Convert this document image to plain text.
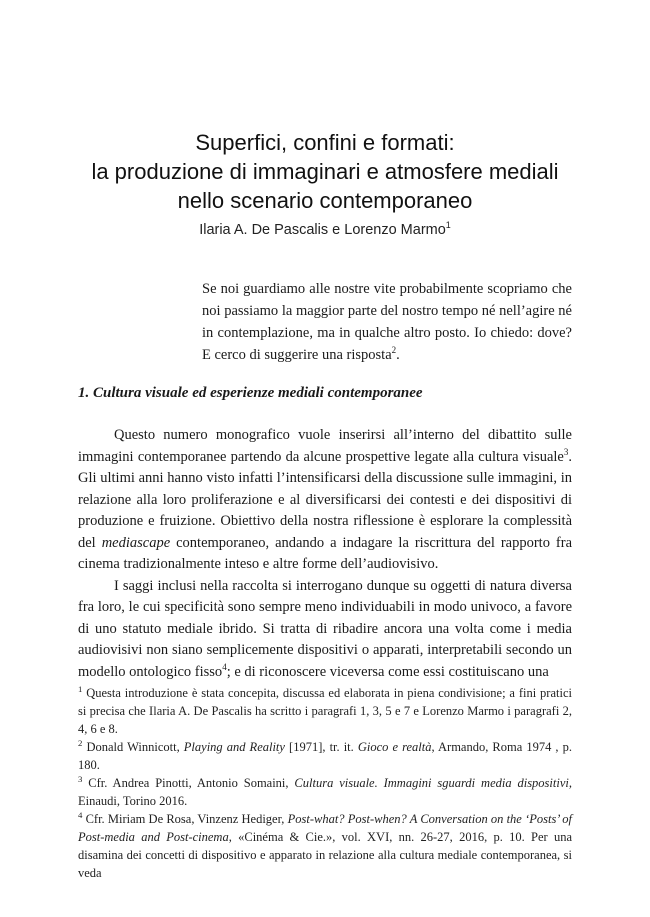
Superfici, confini e formati:
la produzione di immaginari e atmosfere mediali
nello scenario contemporaneo
Ilaria A. De Pascalis e Lorenzo Marmo$^1$
Se noi guardiamo alle nostre vite probabilmente scopriamo che noi passiamo la maggior parte del nostro tempo né nell’agire né in contemplazione, ma in qualche altro posto. Io chiedo: dove? E cerco di suggerire una risposta$^2$.
1. Cultura visuale ed esperienze mediali contemporanee

Questo numero monografico vuole inserirsi all’interno del dibattito sulle immagini contemporanee partendo da alcune prospettive legate alla cultura visuale$^3$. Gli ultimi anni hanno visto infatti l’intensificarsi della discussione sulle immagini, in relazione alla loro proliferazione e al diversificarsi dei contesti e dei dispositivi di produzione e fruizione. Obiettivo della nostra riflessione è esplorare la complessità del mediascape contemporaneo, andando a indagare la riscrittura del rapporto fra cinema tradizionalmente inteso e altre forme dell’audiovisivo.

I saggi inclusi nella raccolta si interrogano dunque su oggetti di natura diversa fra loro, le cui specificità sono sempre meno individuabili in modo univoco, a favore di uno statuto mediale ibrido. Si tratta di ribadire ancora una volta come i media audiovisivi non siano semplicemente dispositivi o apparati, interpretabili secondo un modello ontologico fisso$^4$; e di riconoscere viceversa come essi costituiscano una

$^1$ Questa introduzione è stata concepita, discussa ed elaborata in piena condivisione; a fini pratici si precisa che Ilaria A. De Pascalis ha scritto i paragrafi 1, 3, 5 e 7 e Lorenzo Marmo i paragrafi 2, 4, 6 e 8.

$^2$ Donald Winnicott, Playing and Reality [1971], tr. it. Gioco e realtà, Armando, Roma 1974 , p. 180.

$^3$ Cfr. Andrea Pinotti, Antonio Somaini, Cultura visuale. Immagini sguardi media dispositivi, Einaudi, Torino 2016.

$^4$ Cfr. Miriam De Rosa, Vinzenz Hediger, Post-what? Post-when? A Conversation on the ‘Posts’ of Post-media and Post-cinema, «Cinéma & Cie.», vol. XVI, nn. 26-27, 2016, p. 10. Per una disamina dei concetti di dispositivo e apparato in relazione alla cultura mediale contemporanea, si veda
